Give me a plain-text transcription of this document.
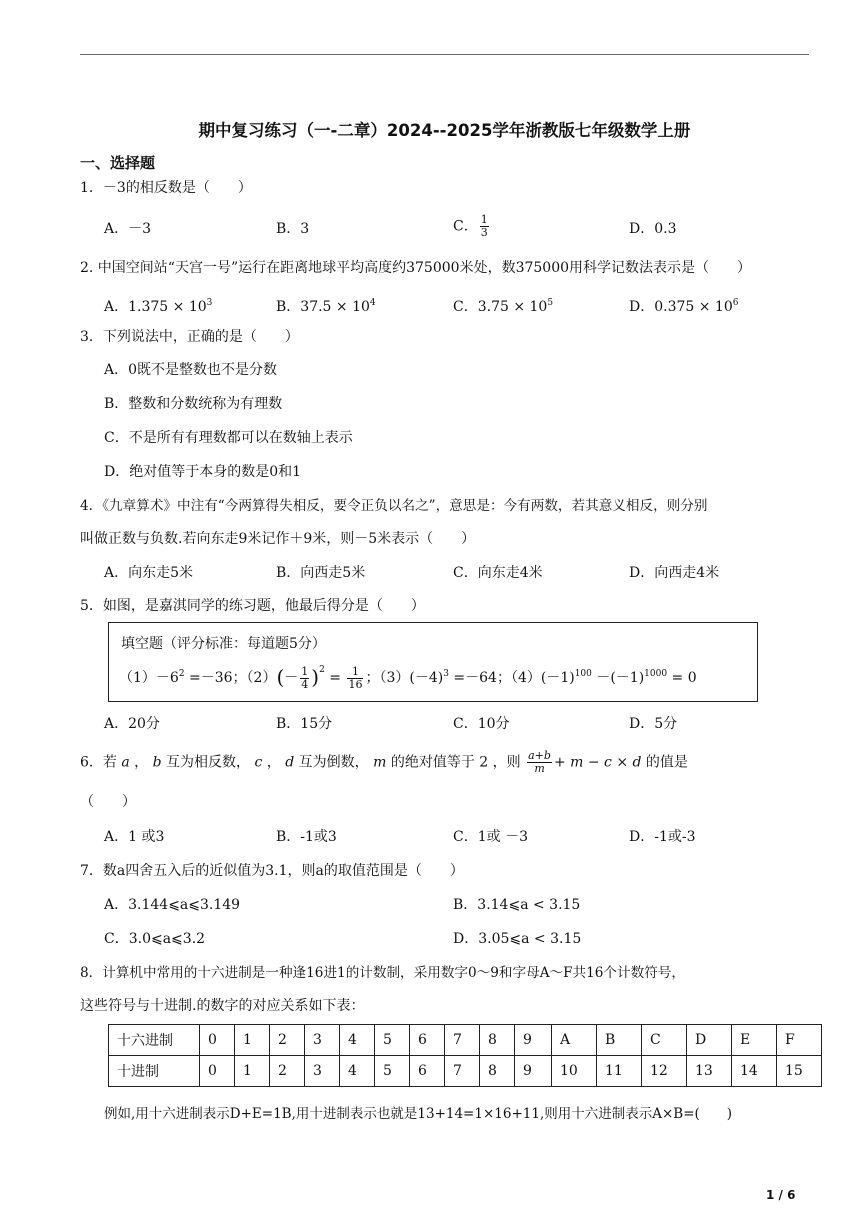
期中复习练习（一-二章）2024--2025学年浙教版七年级数学上册
一、选择题
1．－3的相反数是（　　）
A．－3	B．3	C． $\frac{1}{3}$	D．0.3
2. 中国空间站“天宫一号”运行在距离地球平均高度约375000米处，数375000用科学记数法表示是（　　）
A．$1.375 \times 10^3$	B．$37.5 \times 10^4$	C．$3.75 \times 10^5$	D．$0.375 \times 10^6$
3．下列说法中，正确的是（　　）
A．0既不是整数也不是分数
B．整数和分数统称为有理数
C．不是所有有理数都可以在数轴上表示
D．绝对值等于本身的数是0和1
4．《九章算术》中注有“今两算得失相反，要令正负以名之”，意思是：今有两数，若其意义相反，则分别
叫做正数与负数.若向东走9米记作＋9米，则－5米表示（　　）
A．向东走5米	B．向西走5米	C．向东走4米	D．向西走4米
5．如图，是嘉淇同学的练习题，他最后得分是（　　）
填空题（评分标准：每道题5分）
$(1)-6^2 =-36$；$(2)(- \frac{1}{4} )^2 = \frac{1}{16}$ ；$(3)(-4)^3 =-64$；$(4)(-1)^{100} -(-1)^{1000} = 0$
A．20分	B．15分	C．10分	D．5分
6．若 a ， b 互为相反数， c ， d 互为倒数， m 的绝对值等于 2 ，则 $\frac{a+b}{m} + m - c \times d$ 的值是
（　　）
A．1 或3	B．-1或3	C．1或 －3	D．-1或-3
7．数a四舍五入后的近似值为3.1，则a的取值范围是（　　）
A．3.144⩽a⩽3.149	B．3.14⩽a < 3.15
C．3.0⩽a⩽3.2	D．3.05⩽a < 3.15
8．计算机中常用的十六进制是一种逢16进1的计数制，采用数字0～9和字母A～F共16个计数符号，
这些符号与十进制.的数字的对应关系如下表：
十六进制	0	1	2	3	4	5	6	7	8	9	A	B	C	D	E	F
十进制	0	1	2	3	4	5	6	7	8	9	10	11	12	13	14	15
例如,用十六进制表示D+E=1B,用十进制表示也就是13+14=1×16+11,则用十六进制表示A×B=(　　)
1 / 6
